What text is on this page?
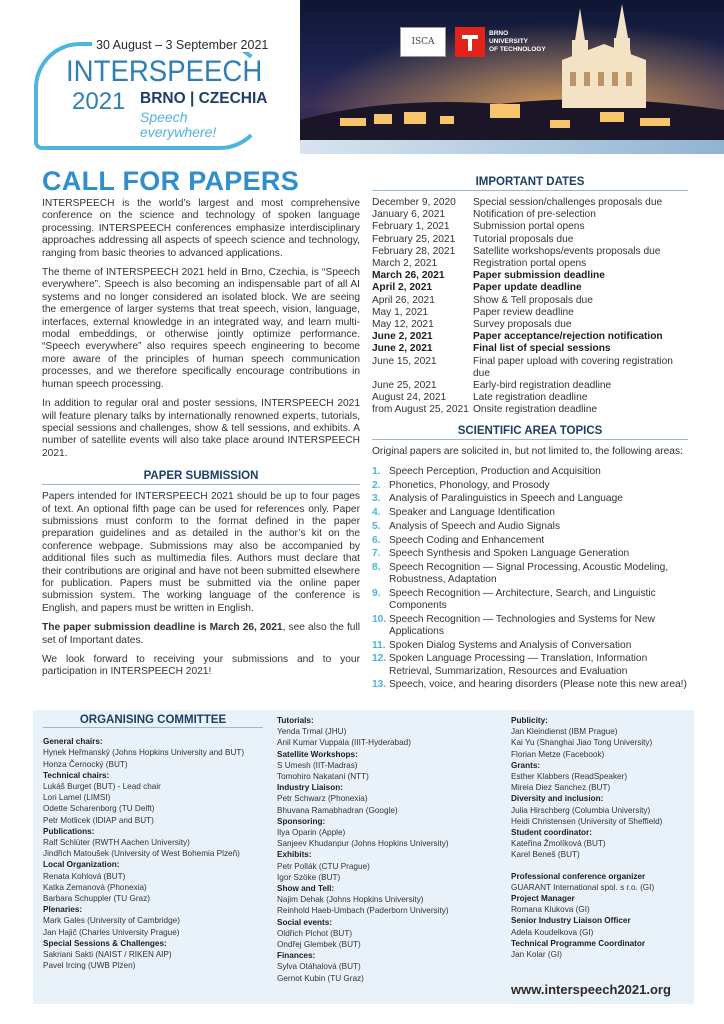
30 August – 3 September 2021
INTERSPEECH
2021 BRNO | CZECHIA
Speech
everywhere!
ISCA
BRNO
UNIVERSITY
OF TECHNOLOGY
CALL FOR PAPERS

INTERSPEECH is the world’s largest and most comprehensive conference on the science and technology of spoken language processing. INTERSPEECH conferences emphasize interdisciplinary approaches addressing all aspects of speech science and technology, ranging from basic theories to advanced applications.

The theme of INTERSPEECH 2021 held in Brno, Czechia, is “Speech everywhere”. Speech is also becoming an indispensable part of all AI systems and no longer considered an isolated block. We are seeing the emergence of larger systems that treat speech, vision, language, interfaces, external knowledge in an integrated way, and learn multi-modal embeddings, or otherwise jointly optimize performance. “Speech everywhere” also requires speech engineering to become more aware of the principles of human speech communication processes, and we therefore specifically encourage contributions in human speech processing.

In addition to regular oral and poster sessions, INTERSPEECH 2021 will feature plenary talks by internationally renowned experts, tutorials, special sessions and challenges, show & tell sessions, and exhibits. A number of satellite events will also take place around INTERSPEECH 2021.

PAPER SUBMISSION

Papers intended for INTERSPEECH 2021 should be up to four pages of text. An optional fifth page can be used for references only. Paper submissions must conform to the format defined in the paper preparation guidelines and as detailed in the author’s kit on the conference webpage. Submissions may also be accompanied by additional files such as multimedia files. Authors must declare that their contributions are original and have not been submitted elsewhere for publication. Papers must be submitted via the online paper submission system. The working language of the conference is English, and papers must be written in English.

The paper submission deadline is March 26, 2021, see also the full set of Important dates.

We look forward to receiving your submissions and to your participation in INTERSPEECH 2021!

IMPORTANT DATES
December 9, 2020	Special session/challenges proposals due
January 6, 2021	Notification of pre-selection
February 1, 2021	Submission portal opens
February 25, 2021	Tutorial proposals due
February 28, 2021	Satellite workshops/events proposals due
March 2, 2021	Registration portal opens
March 26, 2021	Paper submission deadline
April 2, 2021	Paper update deadline
April 26, 2021	Show & Tell proposals due
May 1, 2021	Paper review deadline
May 12, 2021	Survey proposals due
June 2, 2021	Paper acceptance/rejection notification
June 2, 2021	Final list of special sessions
June 15, 2021	Final paper upload with covering registration due
June 25, 2021	Early-bird registration deadline
August 24, 2021	Late registration deadline
from August 25, 2021	Onsite registration deadline
SCIENTIFIC AREA TOPICS

Original papers are solicited in, but not limited to, the following areas:

1. Speech Perception, Production and Acquisition
2. Phonetics, Phonology, and Prosody
3. Analysis of Paralinguistics in Speech and Language
4. Speaker and Language Identification
5. Analysis of Speech and Audio Signals
6. Speech Coding and Enhancement
7. Speech Synthesis and Spoken Language Generation
8. Speech Recognition — Signal Processing, Acoustic Modeling, Robustness, Adaptation
9. Speech Recognition — Architecture, Search, and Linguistic Components
10. Speech Recognition — Technologies and Systems for New Applications
11. Spoken Dialog Systems and Analysis of Conversation
12. Spoken Language Processing — Translation, Information Retrieval, Summarization, Resources and Evaluation
13. Speech, voice, and hearing disorders (Please note this new area!)
ORGANISING COMMITTEE
General chairs:
Hynek Heřmanský (Johns Hopkins University and BUT)
Honza Černocký (BUT)
Technical chairs:
Lukáš Burget (BUT) - Lead chair
Lori Lamel (LIMSI)
Odette Scharenborg (TU Delft)
Petr Motlicek (IDIAP and BUT)
Publications:
Ralf Schlüter (RWTH Aachen University)
Jindřich Matoušek (University of West Bohemia Plzeň)
Local Organization:
Renata Kohlová (BUT)
Katka Zemanová (Phonexia)
Barbara Schuppler (TU Graz)
Plenaries:
Mark Gales (University of Cambridge)
Jan Hajič (Charles University Prague)
Special Sessions & Challenges:
Sakriani Sakti (NAIST / RIKEN AIP)
Pavel Ircing (UWB Plzen)
Tutorials:
Yenda Trmal (JHU)
Anil Kumar Vuppala (IIIT-Hyderabad)
Satellite Workshops:
S Umesh (IIT-Madras)
Tomohiro Nakatani (NTT)
Industry Liaison:
Petr Schwarz (Phonexia)
Bhuvana Ramabhadran (Google)
Sponsoring:
Ilya Oparin (Apple)
Sanjeev Khudanpur (Johns Hopkins University)
Exhibits:
Petr Pollák (CTU Prague)
Igor Szöke (BUT)
Show and Tell:
Najim Dehak (Johns Hopkins University)
Reinhold Haeb-Umbach (Paderborn University)
Social events:
Oldřich Plchot (BUT)
Ondřej Glembek (BUT)
Finances:
Sylva Otáhalová (BUT)
Gernot Kubin (TU Graz)
Publicity:
Jan Kleindienst (IBM Prague)
Kai Yu (Shanghai Jiao Tong University)
Florian Metze (Facebook)
Grants:
Esther Klabbers (ReadSpeaker)
Mireia Diez Sanchez (BUT)
Diversity and inclusion:
Julia Hirschberg (Columbia University)
Heidi Christensen (University of Sheffield)
Student coordinator:
Kateřina Žmolíková (BUT)
Karel Beneš (BUT)
Professional conference organizer
GUARANT International spol. s r.o. (GI)
Project Manager
Romana Klukova (GI)
Senior Industry Liaison Officer
Adela Koudelkova (GI)
Technical Programme Coordinator
Jan Kolar (GI)
www.interspeech2021.org
